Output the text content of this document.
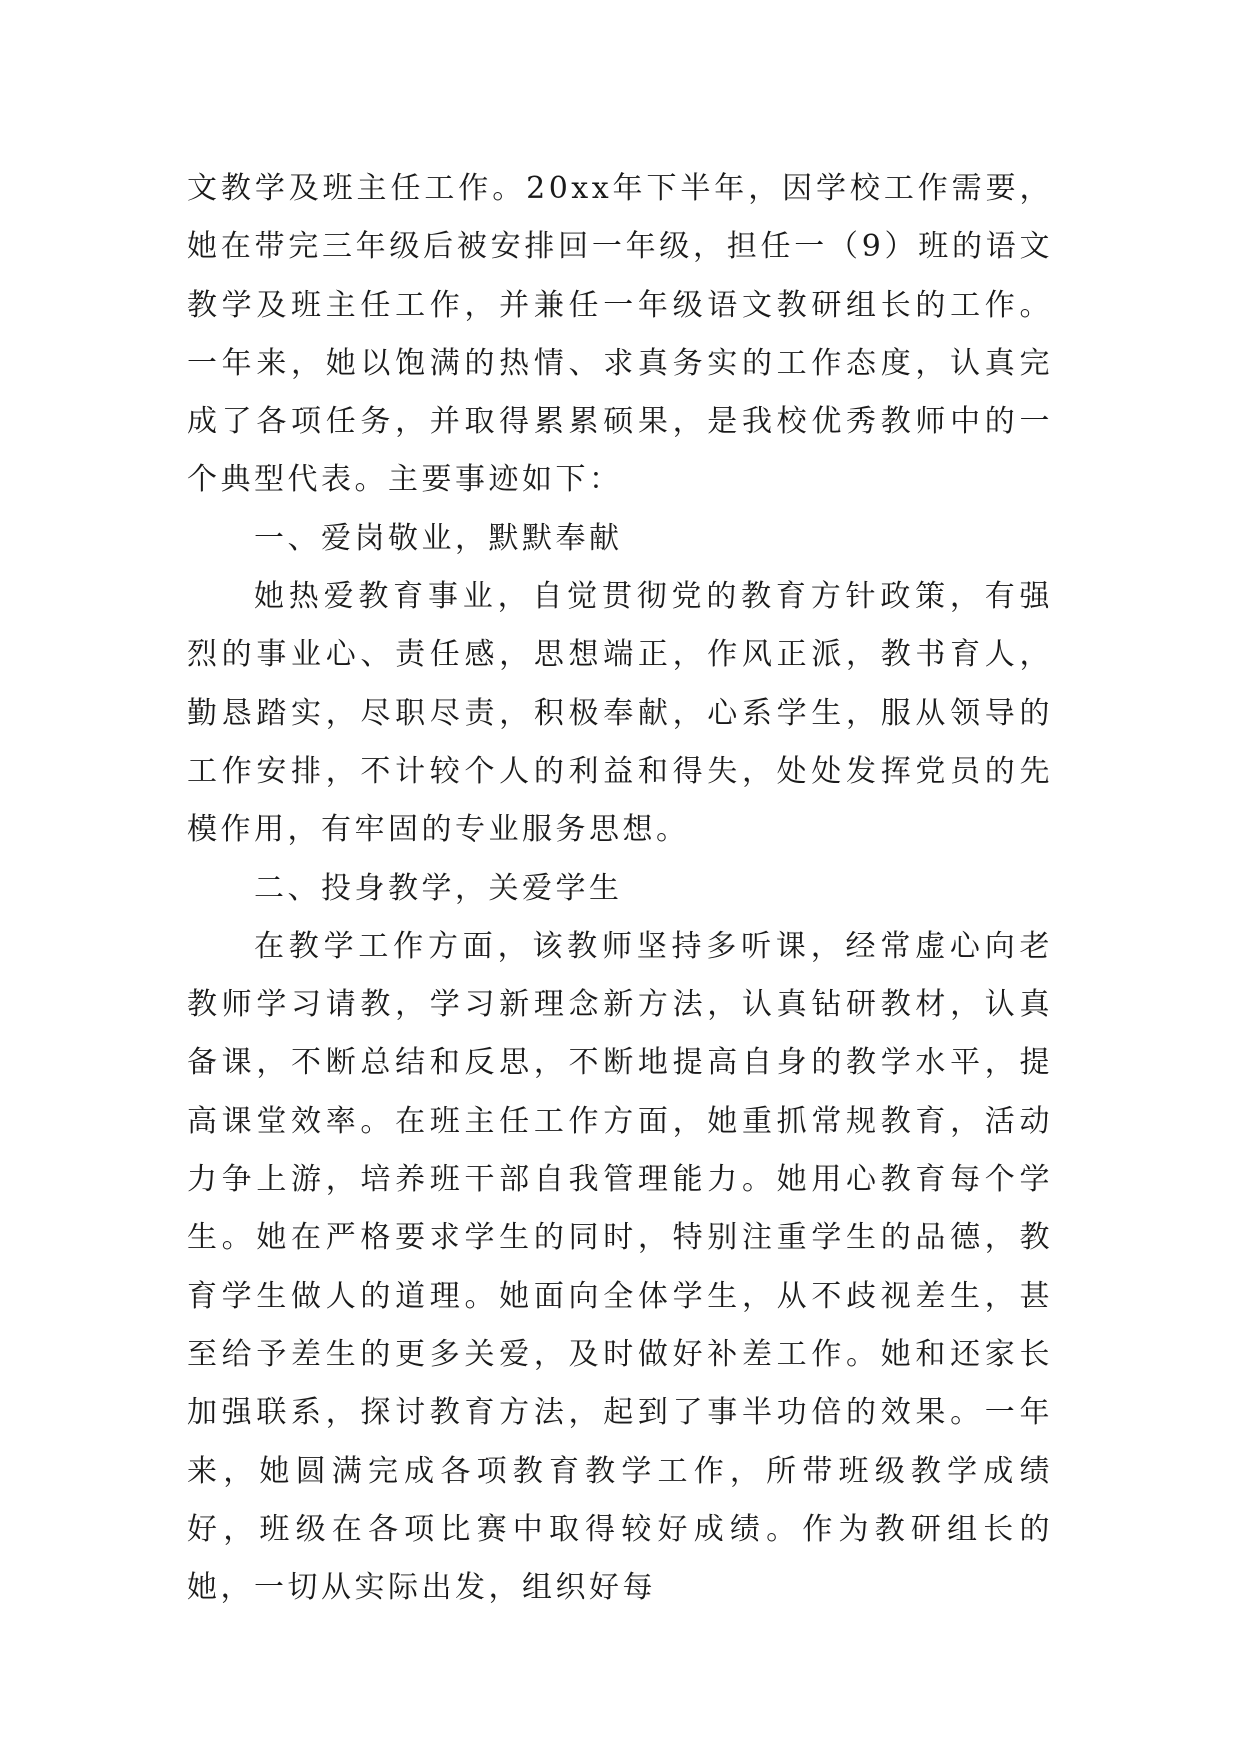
文教学及班主任工作。20xx年下半年，因学校工作需要，她在带完三年级后被安排回一年级，担任一（9）班的语文教学及班主任工作，并兼任一年级语文教研组长的工作。一年来，她以饱满的热情、求真务实的工作态度，认真完成了各项任务，并取得累累硕果，是我校优秀教师中的一个典型代表。主要事迹如下：

一、爱岗敬业，默默奉献

她热爱教育事业，自觉贯彻党的教育方针政策，有强烈的事业心、责任感，思想端正，作风正派，教书育人，勤恳踏实，尽职尽责，积极奉献，心系学生，服从领导的工作安排，不计较个人的利益和得失，处处发挥党员的先模作用，有牢固的专业服务思想。

二、投身教学，关爱学生

在教学工作方面，该教师坚持多听课，经常虚心向老教师学习请教，学习新理念新方法，认真钻研教材，认真备课，不断总结和反思，不断地提高自身的教学水平，提高课堂效率。在班主任工作方面，她重抓常规教育，活动力争上游，培养班干部自我管理能力。她用心教育每个学生。她在严格要求学生的同时，特别注重学生的品德，教育学生做人的道理。她面向全体学生，从不歧视差生，甚至给予差生的更多关爱，及时做好补差工作。她和还家长加强联系，探讨教育方法，起到了事半功倍的效果。一年来，她圆满完成各项教育教学工作，所带班级教学成绩好，班级在各项比赛中取得较好成绩。作为教研组长的她，一切从实际出发，组织好每
